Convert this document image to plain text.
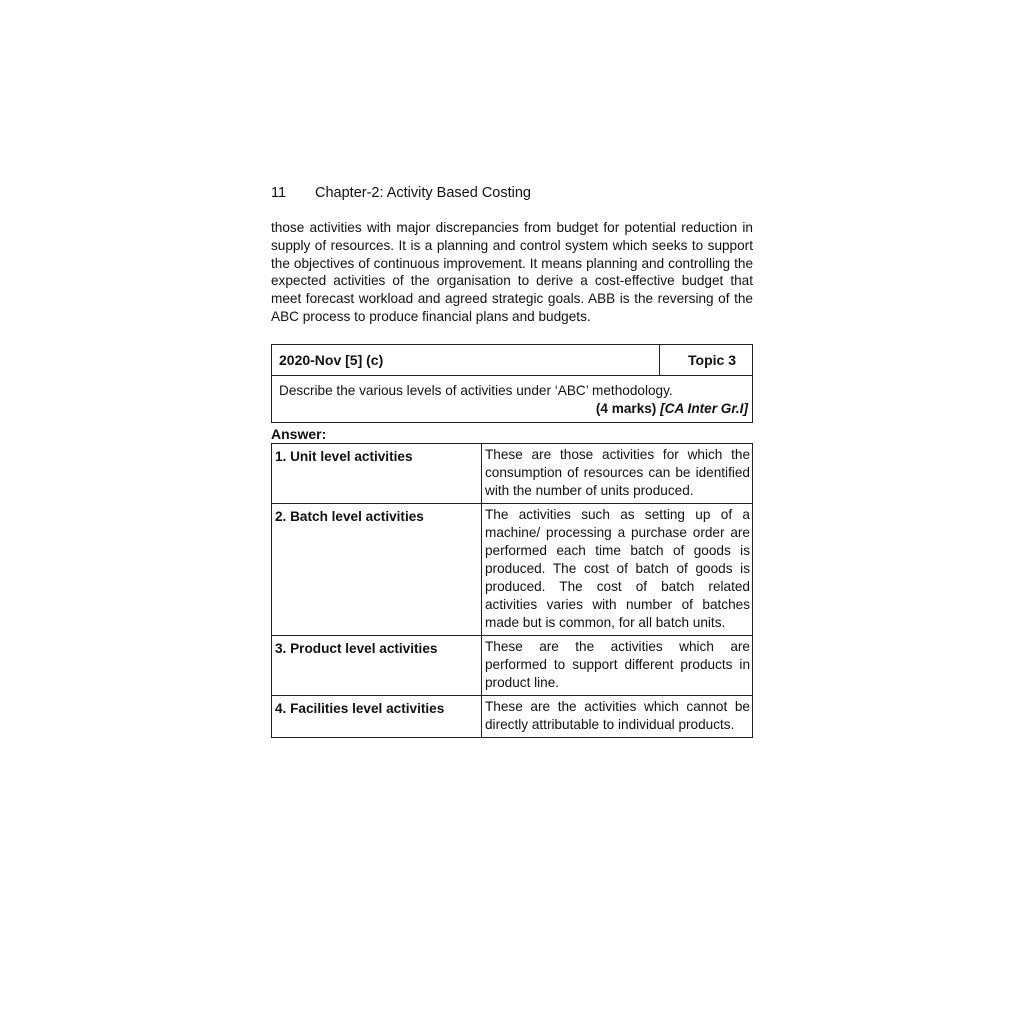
11 Chapter-2: Activity Based Costing

those activities with major discrepancies from budget for potential reduction in supply of resources. It is a planning and control system which seeks to support the objectives of continuous improvement. It means planning and controlling the expected activities of the organisation to derive a cost-effective budget that meet forecast workload and agreed strategic goals. ABB is the reversing of the ABC process to produce financial plans and budgets.

2020-Nov [5] (c)	Topic 3
Describe the various levels of activities under ‘ABC’ methodology.
(4 marks) [CA Inter Gr.I]
Answer:
1. Unit level activities	These are those activities for which the consumption of resources can be identified with the number of units produced.
2. Batch level activities	The activities such as setting up of a machine/ processing a purchase order are performed each time batch of goods is produced. The cost of batch of goods is produced. The cost of batch related activities varies with number of batches made but is common, for all batch units.
3. Product level activities	These are the activities which are performed to support different products in product line.
4. Facilities level activities	These are the activities which cannot be directly attributable to individual products.
